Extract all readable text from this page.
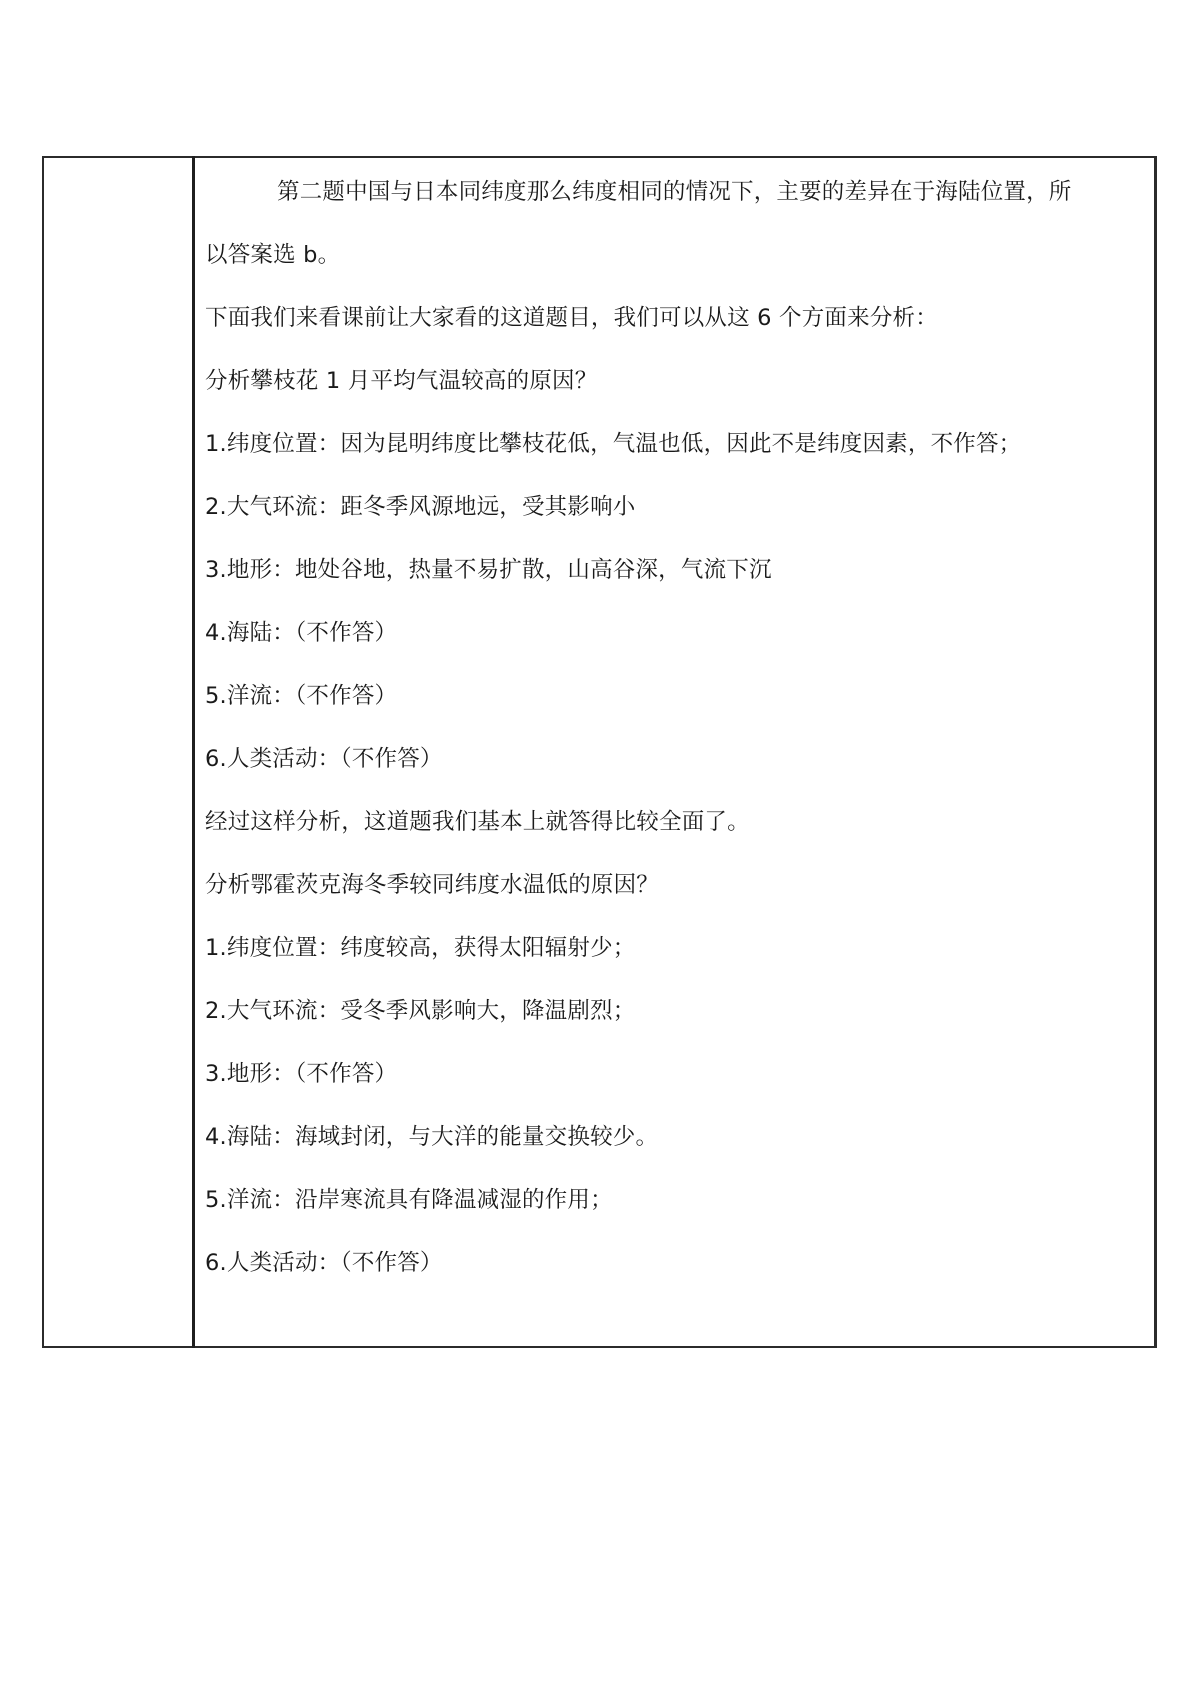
第二题中国与日本同纬度那么纬度相同的情况下，主要的差异在于海陆位置，所
以答案选 b。
下面我们来看课前让大家看的这道题目，我们可以从这 6 个方面来分析：
分析攀枝花 1 月平均气温较高的原因？
1.纬度位置：因为昆明纬度比攀枝花低，气温也低，因此不是纬度因素，不作答；
2.大气环流：距冬季风源地远，受其影响小
3.地形：地处谷地，热量不易扩散，山高谷深，气流下沉
4.海陆：（不作答）
5.洋流：（不作答）
6.人类活动：（不作答）
经过这样分析，这道题我们基本上就答得比较全面了。
分析鄂霍茨克海冬季较同纬度水温低的原因？
1.纬度位置：纬度较高，获得太阳辐射少；
2.大气环流：受冬季风影响大，降温剧烈；
3.地形：（不作答）
4.海陆：海域封闭，与大洋的能量交换较少。
5.洋流：沿岸寒流具有降温减湿的作用；
6.人类活动：（不作答）
